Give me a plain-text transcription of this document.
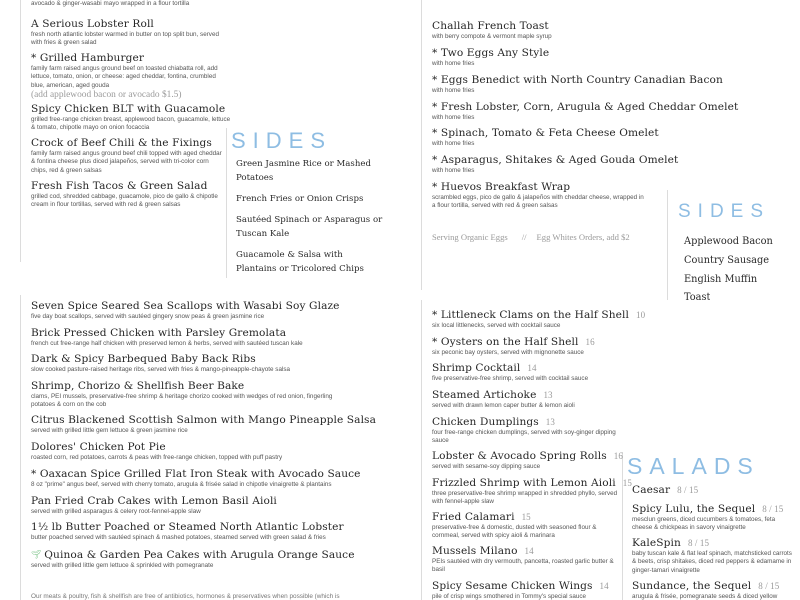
avocado & ginger-wasabi mayo wrapped in a flour tortilla
A Serious Lobster Roll
fresh north atlantic lobster warmed in butter on top split bun, served with fries & green salad
* Grilled Hamburger
family farm raised angus ground beef on toasted chiabatta roll, add lettuce, tomato, onion, or cheese: aged cheddar, fontina, crumbled blue, american, aged gouda
(add applewood bacon or avocado $1.5)
Spicy Chicken BLT with Guacamole
grilled free-range chicken breast, applewood bacon, guacamole, lettuce & tomato, chipotle mayo on onion focaccia
Crock of Beef Chili & the Fixings
family farm raised angus ground beef chili topped with aged cheddar & fontina cheese plus diced jalapeños, served with tri-color corn chips, red & green salsas
Fresh Fish Tacos & Green Salad
grilled cod, shredded cabbage, guacamole, pico de gallo & chipotle cream in flour tortillas, served with red & green salsas
SIDES
Green Jasmine Rice or Mashed Potatoes
French Fries or Onion Crisps
Sautéed Spinach or Asparagus or Tuscan Kale
Guacamole & Salsa with Plantains or Tricolored Chips
Challah French Toast
with berry compote & vermont maple syrup
* Two Eggs Any Style
with home fries
* Eggs Benedict with North Country Canadian Bacon
with home fries
* Fresh Lobster, Corn, Arugula & Aged Cheddar Omelet
with home fries
* Spinach, Tomato & Feta Cheese Omelet
with home fries
* Asparagus, Shitakes & Aged Gouda Omelet
with home fries
* Huevos Breakfast Wrap
scrambled eggs, pico de gallo & jalapeños with cheddar cheese, wrapped in a flour tortilla, served with red & green salsas
Serving Organic Eggs // Egg Whites Orders, add $2
SIDES
Applewood Bacon
Country Sausage
English Muffin
Toast
Seven Spice Seared Sea Scallops with Wasabi Soy Glaze
five day boat scallops, served with sautéed gingery snow peas & green jasmine rice
Brick Pressed Chicken with Parsley Gremolata
french cut free-range half chicken with preserved lemon & herbs, served with sautéed tuscan kale
Dark & Spicy Barbequed Baby Back Ribs
slow cooked pasture-raised heritage ribs, served with fries & mango-pineapple-chayote salsa
Shrimp, Chorizo & Shellfish Beer Bake
clams, PEI mussels, preservative-free shrimp & heritage chorizo cooked with wedges of red onion, fingerling potatoes & corn on the cob
Citrus Blackened Scottish Salmon with Mango Pineapple Salsa
served with grilled little gem lettuce & green jasmine rice
Dolores' Chicken Pot Pie
roasted corn, red potatoes, carrots & peas with free-range chicken, topped with puff pastry
* Oaxacan Spice Grilled Flat Iron Steak with Avocado Sauce
8 oz "prime" angus beef, served with cherry tomato, arugula & frisée salad in chipotle vinaigrette & plantains
Pan Fried Crab Cakes with Lemon Basil Aioli
served with grilled asparagus & celery root-fennel-apple slaw
1½ lb Butter Poached or Steamed North Atlantic Lobster
butter poached served with sautéed spinach & mashed potatoes, steamed served with green salad & fries
🌱︎ Quinoa & Garden Pea Cakes with Arugula Orange Sauce
served with grilled little gem lettuce & sprinkled with pomegranate
Our meats & poultry, fish & shellfish are free of antibiotics, hormones & preservatives when possible (which is
* Littleneck Clams on the Half Shell 10
six local littlenecks, served with cocktail sauce
* Oysters on the Half Shell 16
six peconic bay oysters, served with mignonette sauce
Shrimp Cocktail 14
five preservative-free shrimp, served with cocktail sauce
Steamed Artichoke 13
served with drawn lemon caper butter & lemon aioli
Chicken Dumplings 13
four free-range chicken dumplings, served with soy-ginger dipping sauce
Lobster & Avocado Spring Rolls 16
served with sesame-soy dipping sauce
Frizzled Shrimp with Lemon Aioli 15
three preservative-free shrimp wrapped in shredded phyllo, served with fennel-apple slaw
Fried Calamari 15
preservative-free & domestic, dusted with seasoned flour & cornmeal, served with spicy aioli & marinara
Mussels Milano 14
PEIs sautéed with dry vermouth, pancetta, roasted garlic butter & basil
Spicy Sesame Chicken Wings 14
pile of crisp wings smothered in Tommy's special sauce
SALADS
Caesar 8 / 15
Spicy Lulu, the Sequel 8 / 15
mesclun greens, diced cucumbers & tomatoes, feta cheese & chickpeas in savory vinaigrette
KaleSpin 8 / 15
baby tuscan kale & flat leaf spinach, matchsticked carrots & beets, crisp shitakes, diced red peppers & edamame in ginger-tamari vinaigrette
Sundance, the Sequel 8 / 15
arugula & frisée, pomegranate seeds & diced yellow
